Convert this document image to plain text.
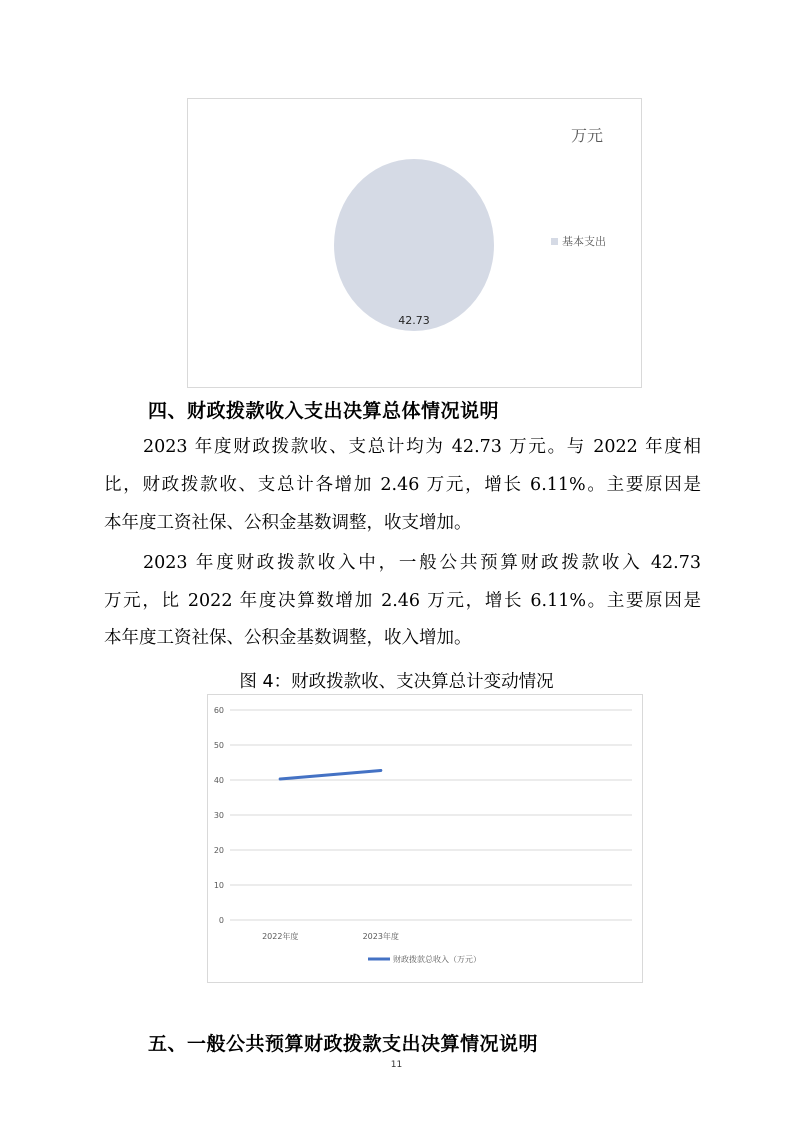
42.73
万元
基本支出
四、财政拨款收入支出决算总体情况说明
2023 年度财政拨款收、支总计均为 42.73 万元。与 2022 年度相
比，财政拨款收、支总计各增加 2.46 万元，增长 6.11%。主要原因是
本年度工资社保、公积金基数调整，收支增加。
2023 年度财政拨款收入中，一般公共预算财政拨款收入 42.73
万元，比 2022 年度决算数增加 2.46 万元，增长 6.11%。主要原因是
本年度工资社保、公积金基数调整，收入增加。
图 4：财政拨款收、支决算总计变动情况
0
10
20
30
40
50
60
2022年度	2023年度
财政拨款总收入（万元）
五、一般公共预算财政拨款支出决算情况说明
11
